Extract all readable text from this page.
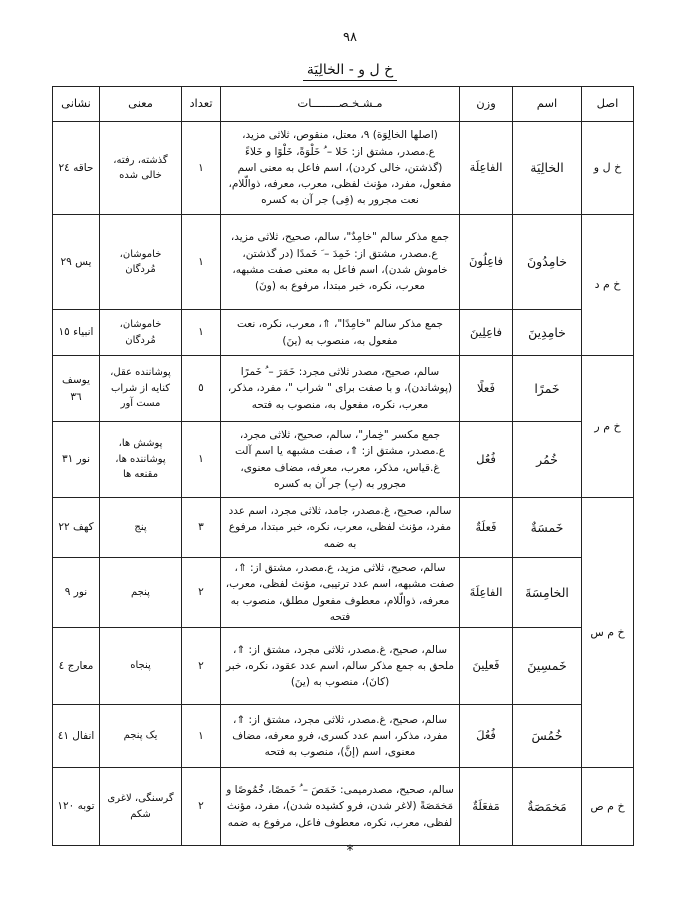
٩٨
خ ل و - الخالِيَة
اصل	اسم	وزن	مـشـخـصــــــــات	تعداد	معنی	نشانی
خ ل و	الخالِيَة	الفاعِلَة	(اصلها الخالِوَة) ٩، معتل، منقوص، ثلاثی مزید، ع.مصدر، مشتق از: خَلا – ُ خَلْوَةً، خَلْوًا و خَلاءً (گذشتن، خالی کردن)، اسم فاعل به معنی اسم مفعول، مفرد، مؤنث لفظی، معرب، معرفه، ذوالّلام، نعت مجرور به (فِی) جر آن به کسره	١	گذشته، رفته، خالی شده	حاقه ٢٤
خ م د	خامِدُونَ	فاعِلُونَ	جمع مذکر سالم "خامِدٌ"، سالم، صحیح، ثلاثی مزید، ع.مصدر، مشتق از: خَمِدَ – َ خَمدًا (در گذشتن، خاموش شدن)، اسم فاعل به معنی صفت مشبهه، معرب، نکره، خبر مبتدا، مرفوع به (ونَ)	١	خاموشان، مُردگان	یس ٢٩
	خامِدِینَ	فاعِلِینَ	جمع مذکر سالم "خامِدًا"، ⇑، معرب، نکره، نعت مفعول به، منصوب به (ینَ)	١	خاموشان، مُردگان	انبیاء ١٥
خ م ر	خَمرًا	فَعلًا	سالم، صحیح، مصدر ثلاثی مجرد: خَمَرَ – ُ خَمرًا (پوشاندن)، و با صفت برای " شراب "، مفرد، مذکر، معرب، نکره، مفعول به، منصوب به فتحه	٥	پوشاننده عقل، کنایه از شراب مست آور	یوسف ٣٦
	خُمُر	فُعُل	جمع مکسر "خِمار"، سالم، صحیح، ثلاثی مجرد، ع.مصدر، مشتق از: ⇑، صفت مشبهه یا اسم آلت غ.قیاس، مذکر، معرب، معرفه، مضاف معنوی، مجرور به (بِ) جر آن به کسره	١	پوشش ها، پوشاننده ها، مقنعه ها	نور ٣١
خ م س	خَمسَةٌ	فَعلَةٌ	سالم، صحیح، غ.مصدر، جامد، ثلاثی مجرد، اسم عدد مفرد، مؤنث لفظی، معرب، نکره، خبر مبتدا، مرفوع به ضمه	٣	پنج	کهف ٢٢
	الخامِسَةَ	الفاعِلَةَ	سالم، صحیح، ثلاثی مزید، ع.مصدر، مشتق از: ⇑، صفت مشبهه، اسم عدد ترتیبی، مؤنث لفظی، معرب، معرفه، ذوالّلام، معطوف مفعول مطلق، منصوب به فتحه	٢	پنجم	نور ٩
	خَمسِینَ	فَعلِینَ	سالم، صحیح، غ.مصدر، ثلاثی مجرد، مشتق از: ⇑، ملحق به جمع مذکر سالم، اسم عدد عقود، نکره، خبر (کانَ)، منصوب به (ینَ)	٢	پنجاه	معارج ٤
	خُمُسَ	فُعُلَ	سالم، صحیح، غ.مصدر، ثلاثی مجرد، مشتق از: ⇑، مفرد، مذکر، اسم عدد کسری، فرو معرفه، مضاف معنوی، اسم (إنَّ)، منصوب به فتحه	١	یک پنجم	انفال ٤١
خ م ص	مَخمَصَةٌ	مَفعَلَةٌ	سالم، صحیح، مصدرمیمی: خَمَصَ – ُ خَمصًا، خُمُوصًا و مَخمَصَةً (لاغر شدن، فرو کشیده شدن)، مفرد، مؤنث لفظی، معرب، نکره، معطوف فاعل، مرفوع به ضمه	٢	گرسنگی، لاغری شکم	توبه ١٢٠
*
